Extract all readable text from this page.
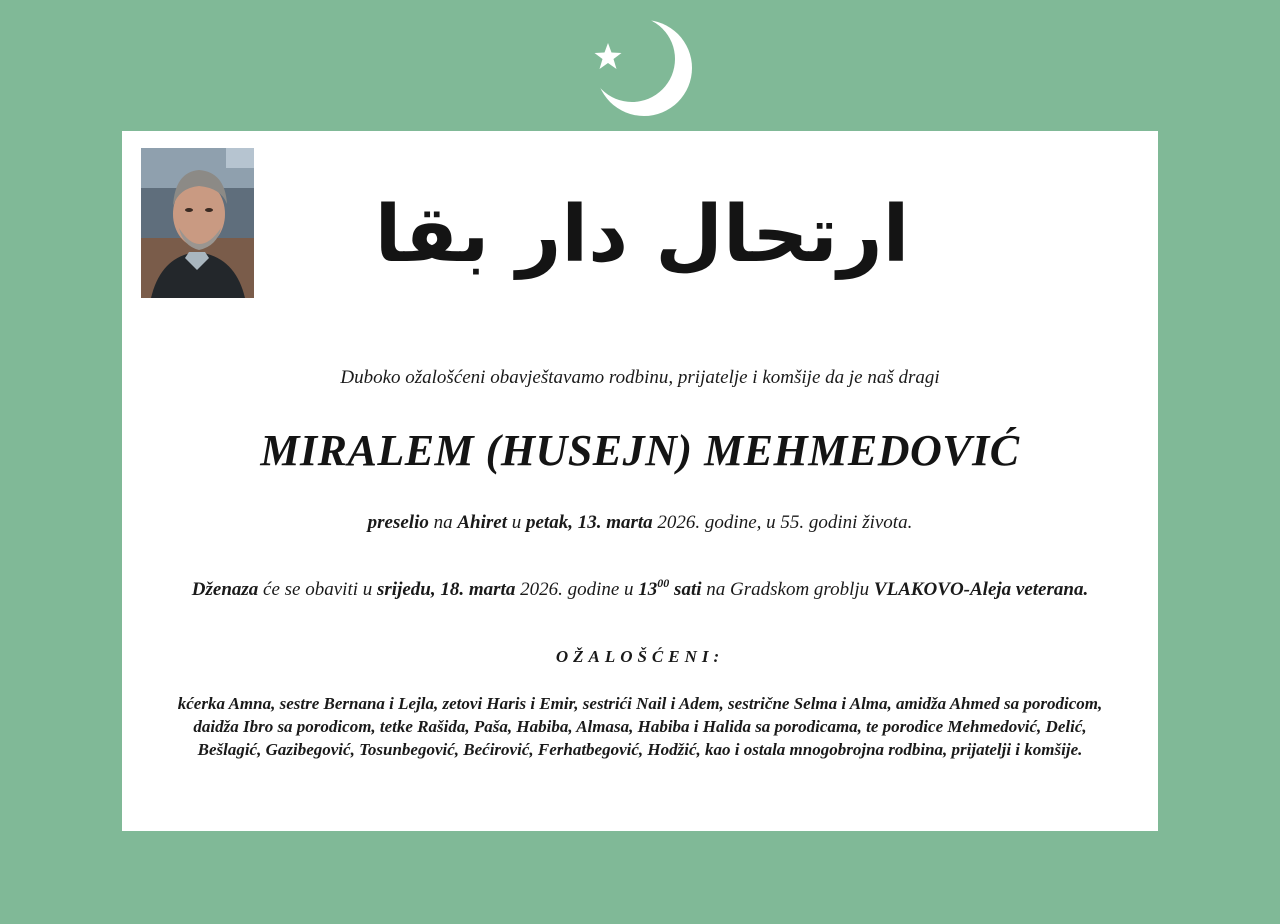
ارتحال دار بقا
Duboko ožalošćeni obavještavamo rodbinu, prijatelje i komšije da je naš dragi
MIRALEM (HUSEJN) MEHMEDOVIĆ
preselio na Ahiret u petak, 13. marta 2026. godine, u 55. godini života.
Dženaza će se obaviti u srijedu, 18. marta 2026. godine u $13^{00}$ sati na Gradskom groblju VLAKOVO-Aleja veterana.
OŽALOŠĆENI:
kćerka Amna, sestre Bernana i Lejla, zetovi Haris i Emir, sestrići Nail i Adem, sestrične Selma i Alma, amidža Ahmed sa porodicom, daidža Ibro sa porodicom, tetke Rašida, Paša, Habiba, Almasa, Habiba i Halida sa porodicama, te porodice Mehmedović, Delić, Bešlagić, Gazibegović, Tosunbegović, Bećirović, Ferhatbegović, Hodžić, kao i ostala mnogobrojna rodbina, prijatelji i komšije.
